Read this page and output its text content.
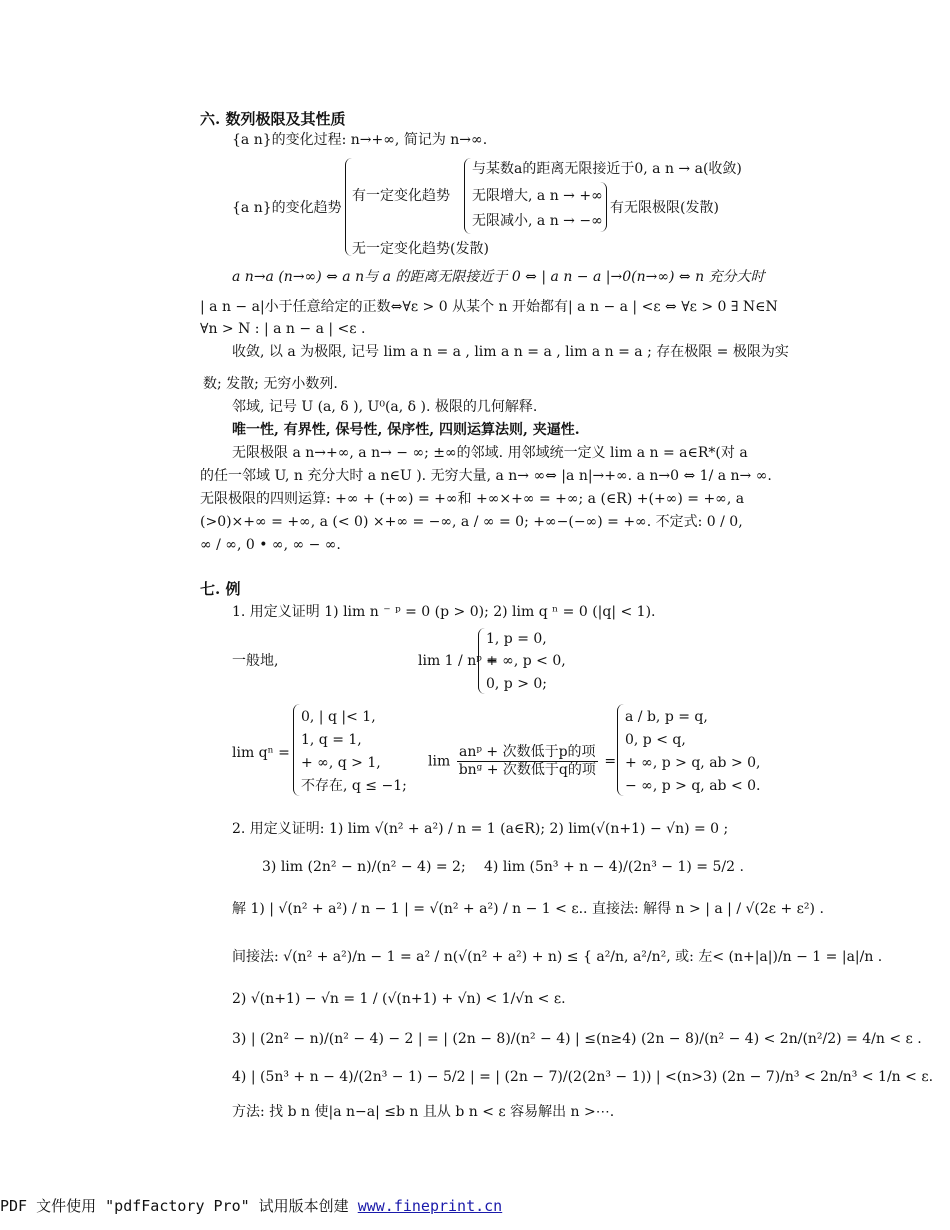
六. 数列极限及其性质
{a n}的变化过程: n→+∞, 简记为 n→∞.
{a n}的变化趋势
有一定变化趋势
与某数a的距离无限接近于0, a n → a(收敛)
无限增大, a n → +∞
无限减小, a n → −∞
有无限极限(发散)
无一定变化趋势(发散)
a n→a (n→∞) ⇔ a n与 a 的距离无限接近于 0 ⇔ | a n − a |→0(n→∞) ⇔ n 充分大时
| a n − a|小于任意给定的正数⇔∀ε > 0 从某个 n 开始都有| a n − a | <ε ⇔ ∀ε > 0 ∃ N∈N
∀n > N : | a n − a | <ε .
收敛, 以 a 为极限, 记号 lim a n = a , lim a n = a , lim a n = a ; 存在极限 = 极限为实
数; 发散; 无穷小数列.
邻域, 记号 U (a, δ ), U⁰(a, δ ). 极限的几何解释.
唯一性, 有界性, 保号性, 保序性, 四则运算法则, 夹逼性.
无限极限 a n→+∞, a n→ − ∞; ±∞的邻域. 用邻域统一定义 lim a n = a∈R*(对 a
的任一邻域 U, n 充分大时 a n∈U ). 无穷大量, a n→ ∞⇔ |a n|→+∞. a n→0 ⇔ 1/ a n→ ∞.
无限极限的四则运算: +∞ + (+∞) = +∞和 +∞×+∞ = +∞; a (∈R) +(+∞) = +∞, a
(>0)×+∞ = +∞, a (< 0) ×+∞ = −∞, a / ∞ = 0; +∞−(−∞) = +∞. 不定式: 0 / 0,
∞ / ∞, 0 • ∞, ∞ − ∞.
七. 例
1. 用定义证明 1) lim n ⁻ ᵖ = 0 (p > 0); 2) lim q ⁿ = 0 (|q| < 1).
一般地,	lim 1 / nᵖ =
1, p = 0,
+ ∞, p < 0,
0, p > 0;
lim qⁿ =
0, | q |< 1,
1, q = 1,
+ ∞, q > 1,
不存在, q ≤ −1;
$\lim \frac{\text{anᵖ + 次数低于p的项}}{\text{bnᵍ + 次数低于q的项}}$ =
a / b, p = q,
0, p < q,
+ ∞, p > q, ab > 0,
− ∞, p > q, ab < 0.
2. 用定义证明: 1) lim √(n² + a²) / n = 1 (a∈R); 2) lim(√(n+1) − √n) = 0 ;
3) lim (2n² − n)/(n² − 4) = 2; 4) lim (5n³ + n − 4)/(2n³ − 1) = 5/2 .
解 1) | √(n² + a²) / n − 1 | = √(n² + a²) / n − 1 < ε.. 直接法: 解得 n > | a | / √(2ε + ε²) .
间接法: √(n² + a²)/n − 1 = a² / n(√(n² + a²) + n) ≤ { a²/n, a²/n², 或: 左< (n+|a|)/n − 1 = |a|/n .
2) √(n+1) − √n = 1 / (√(n+1) + √n) < 1/√n < ε.
3) | (2n² − n)/(n² − 4) − 2 | = | (2n − 8)/(n² − 4) | ≤(n≥4) (2n − 8)/(n² − 4) < 2n/(n²/2) = 4/n < ε .
4) | (5n³ + n − 4)/(2n³ − 1) − 5/2 | = | (2n − 7)/(2(2n³ − 1)) | <(n>3) (2n − 7)/n³ < 2n/n³ < 1/n < ε.
方法: 找 b n 使|a n−a| ≤b n 且从 b n < ε 容易解出 n >⋯.
PDF 文件使用 "pdfFactory Pro" 试用版本创建 www.fineprint.cn
